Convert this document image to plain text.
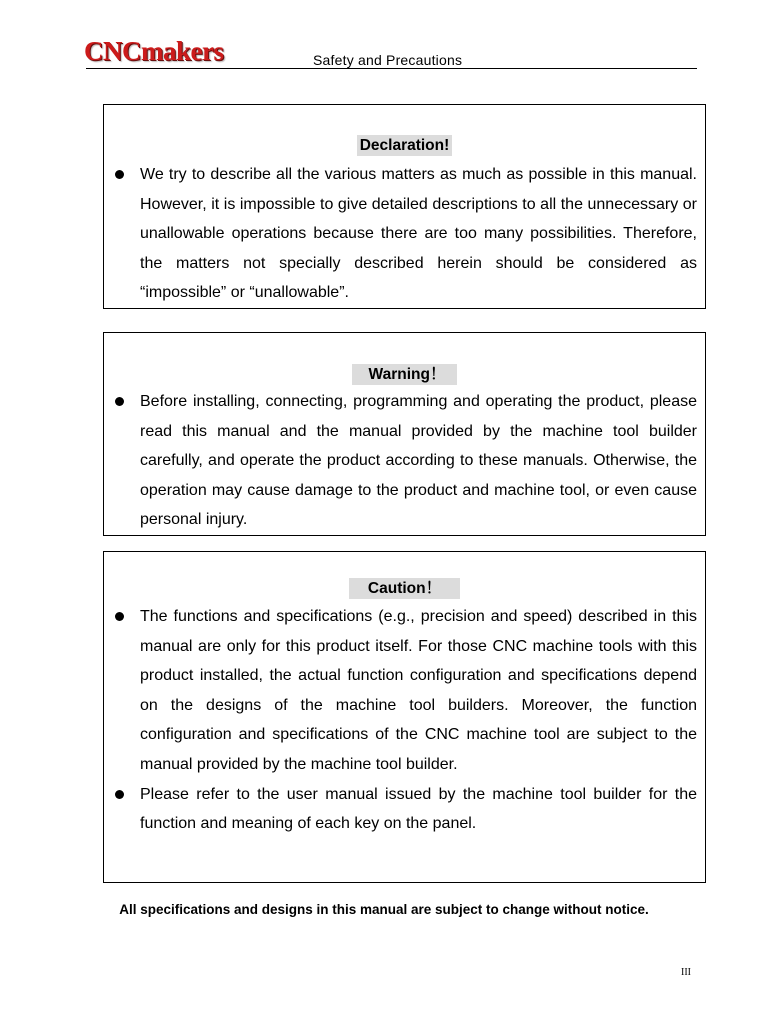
CNCmakers	Safety and Precautions
Declaration!
We try to describe all the various matters as much as possible in this manual. However, it is impossible to give detailed descriptions to all the unnecessary or unallowable operations because there are too many possibilities. Therefore, the matters not specially described herein should be considered as “impossible” or “unallowable”.
Warning！
Before installing, connecting, programming and operating the product, please read this manual and the manual provided by the machine tool builder carefully, and operate the product according to these manuals. Otherwise, the operation may cause damage to the product and machine tool, or even cause personal injury.
Caution！
The functions and specifications (e.g., precision and speed) described in this manual are only for this product itself. For those CNC machine tools with this product installed, the actual function configuration and specifications depend on the designs of the machine tool builders. Moreover, the function configuration and specifications of the CNC machine tool are subject to the manual provided by the machine tool builder.
Please refer to the user manual issued by the machine tool builder for the function and meaning of each key on the panel.
All specifications and designs in this manual are subject to change without notice.
III
